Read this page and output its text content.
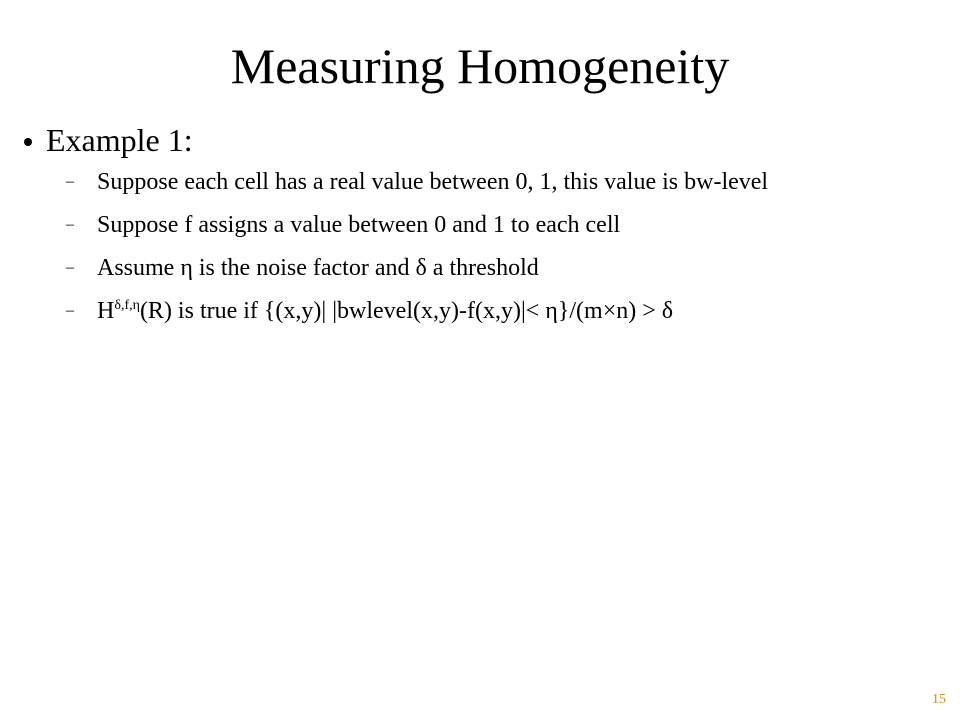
Measuring Homogeneity
Example 1:
– Suppose each cell has a real value between 0, 1, this value is bw-level
– Suppose f assigns a value between 0 and 1 to each cell
– Assume η is the noise factor and δ a threshold
– $H^{\delta,f,\eta}(R)$ is true if {(x,y)| |bwlevel(x,y)-f(x,y)|< η}/(m×n) > δ
15
